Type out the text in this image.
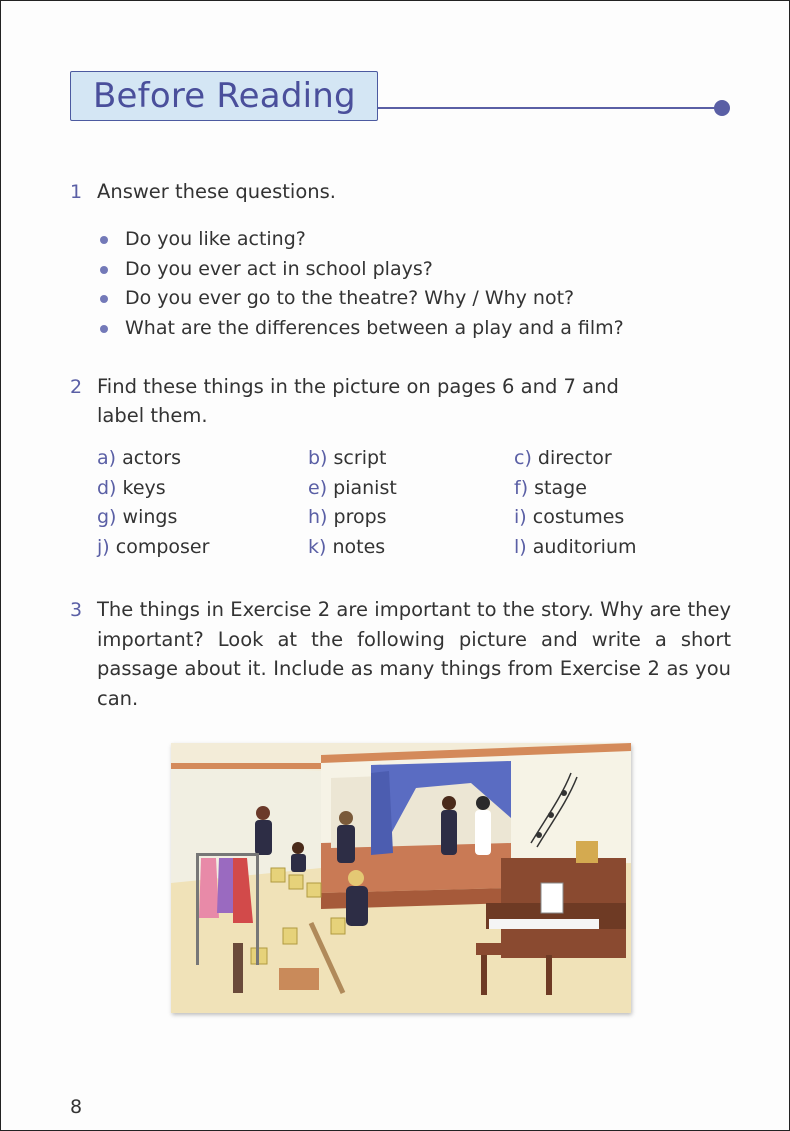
Before Reading
1 Answer these questions.
Do you like acting?
Do you ever act in school plays?
Do you ever go to the theatre? Why / Why not?
What are the differences between a play and a film?
2 Find these things in the picture on pages 6 and 7 and
label them.
a) actors	b) script	c) director
d) keys	e) pianist	f) stage
g) wings	h) props	i) costumes
j) composer	k) notes	l) auditorium
3 The things in Exercise 2 are important to the story. Why are they important? Look at the following picture and write a short passage about it. Include as many things from Exercise 2 as you can.
8
